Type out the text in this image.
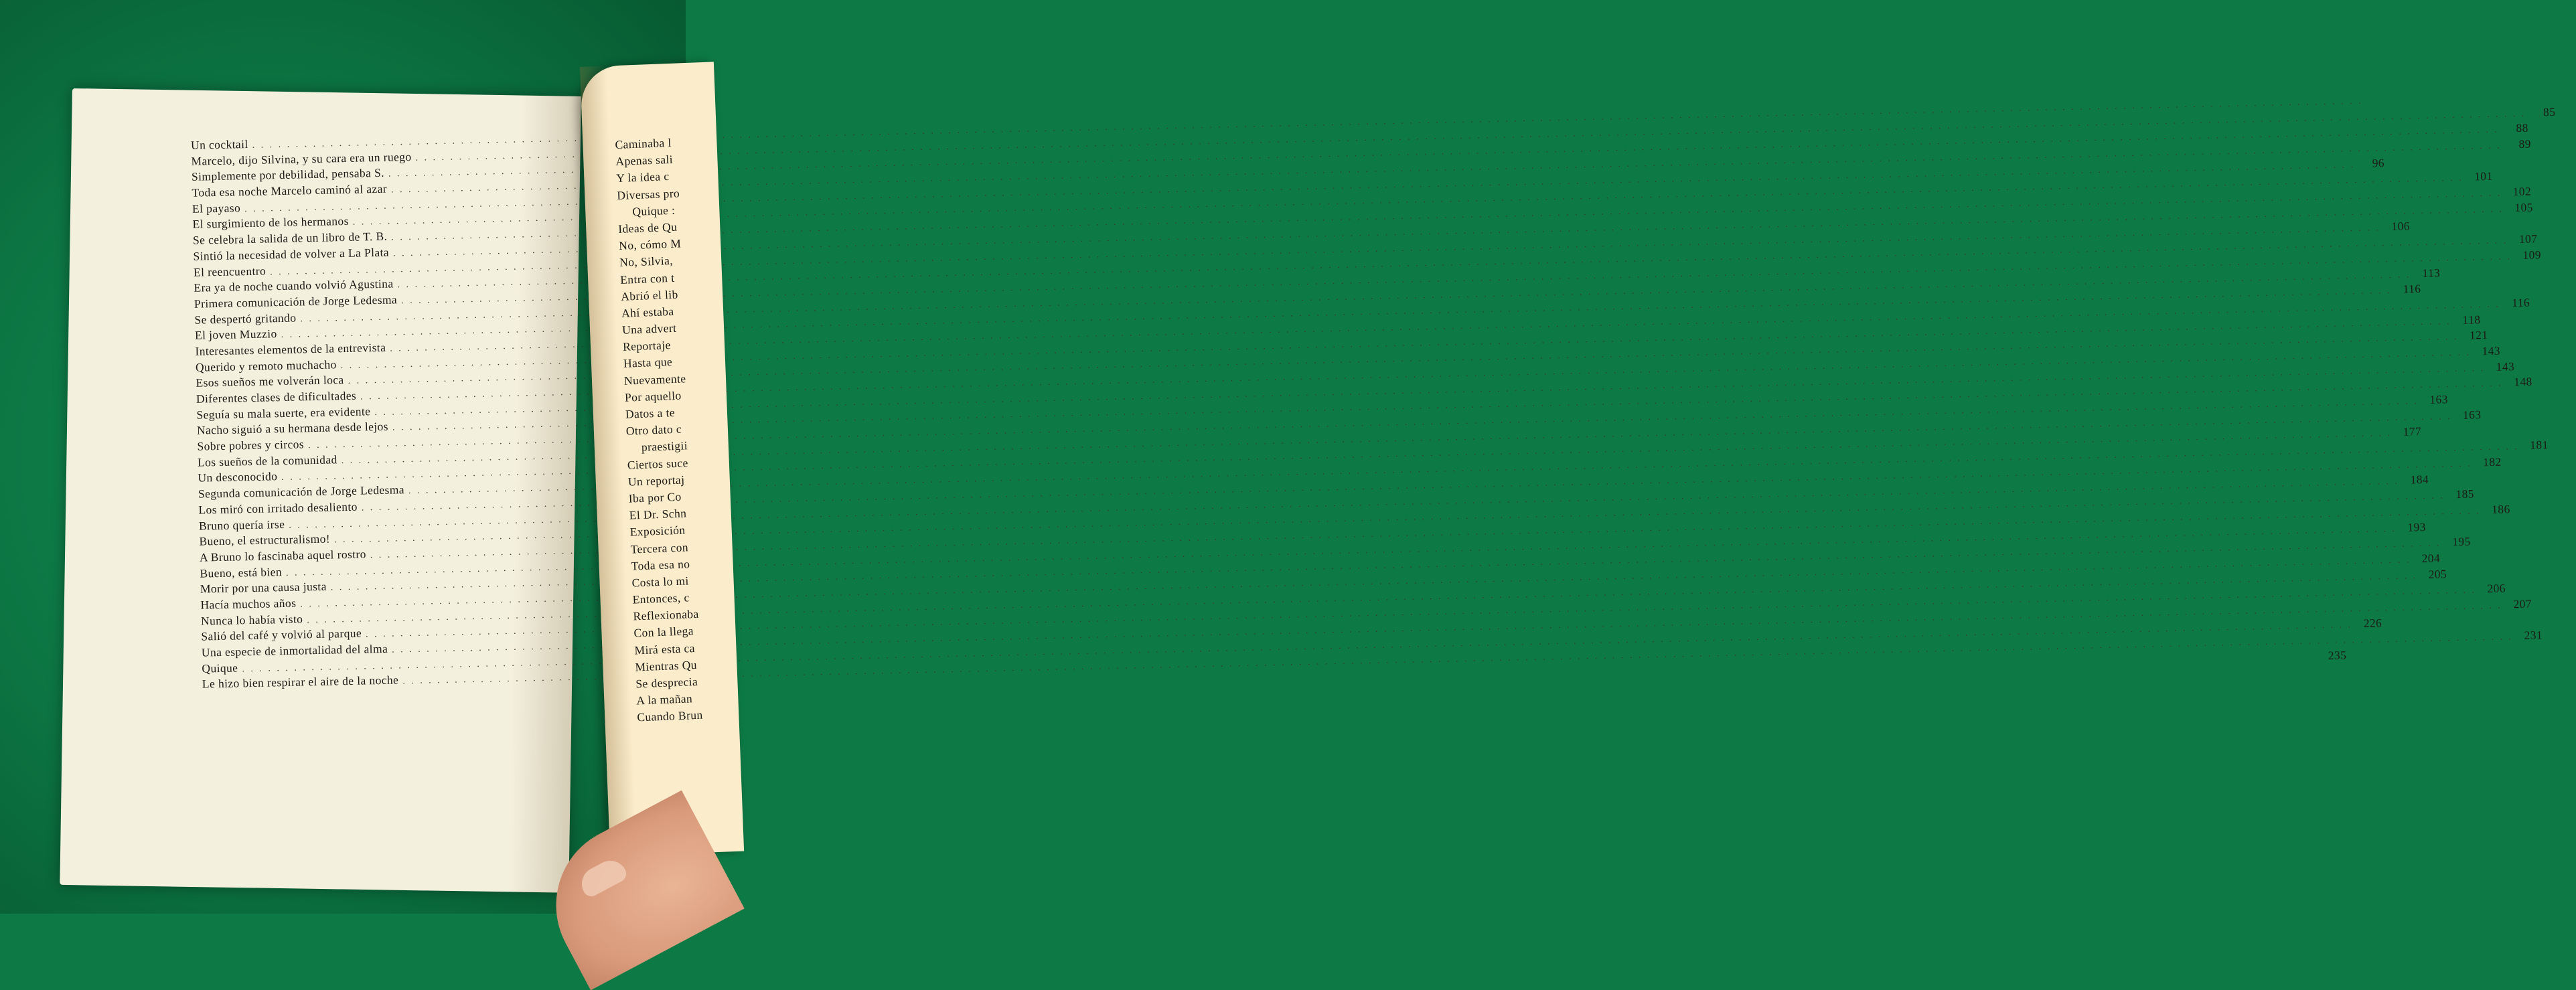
Un cocktail
. . .
Marcelo, dijo Silvina, y su cara era un ruego
. . .
85
Simplemente por debilidad, pensaba S.
. . .
88
Toda esa noche Marcelo caminó al azar
. . .
89
El payaso
. . .
96
El surgimiento de los hermanos
. . .
101
Se celebra la salida de un libro de T. B.
. . .
102
Sintió la necesidad de volver a La Plata
. . .
105
El reencuentro
. . .
106
Era ya de noche cuando volvió Agustina
. . .
107
Primera comunicación de Jorge Ledesma
. . .
109
Se despertó gritando
. . .
113
El joven Muzzio
. . .
116
Interesantes elementos de la entrevista
. . .
116
Querido y remoto muchacho
. . .
118
Esos sueños me volverán loca
. . .
121
Diferentes clases de dificultades
. . .
143
Seguía su mala suerte, era evidente
. . .
143
Nacho siguió a su hermana desde lejos
. . .
148
Sobre pobres y circos
. . .
163
Los sueños de la comunidad
. . .
163
Un desconocido
. . .
177
Segunda comunicación de Jorge Ledesma
. . .
181
Los miró con irritado desaliento
. . .
182
Bruno quería irse
. . .
184
Bueno, el estructuralismo!
. . .
185
A Bruno lo fascinaba aquel rostro
. . .
186
Bueno, está bien
. . .
193
Morir por una causa justa
. . .
195
Hacía muchos años
. . .
204
Nunca lo había visto
. . .
205
Salió del café y volvió al parque
. . .
206
Una especie de inmortalidad del alma
. . .
207
Quique
. . .
226
Le hizo bien respirar el aire de la noche
. . .
231
235
Caminaba l
Apenas sali
Y la idea c
Diversas pro
Quique :
Ideas de Qu
No, cómo M
No, Silvia,
Entra con t
Abrió el lib
Ahí estaba
Una advert
Reportaje
Hasta que
Nuevamente
Por aquello
Datos a te
Otro dato c
praestigii
Ciertos suce
Un reportaj
Iba por Co
El Dr. Schn
Exposición
Tercera con
Toda esa no
Costa lo mi
Entonces, c
Reflexionaba
Con la llega
Mirá esta ca
Mientras Qu
Se desprecia
A la mañan
Cuando Brun
